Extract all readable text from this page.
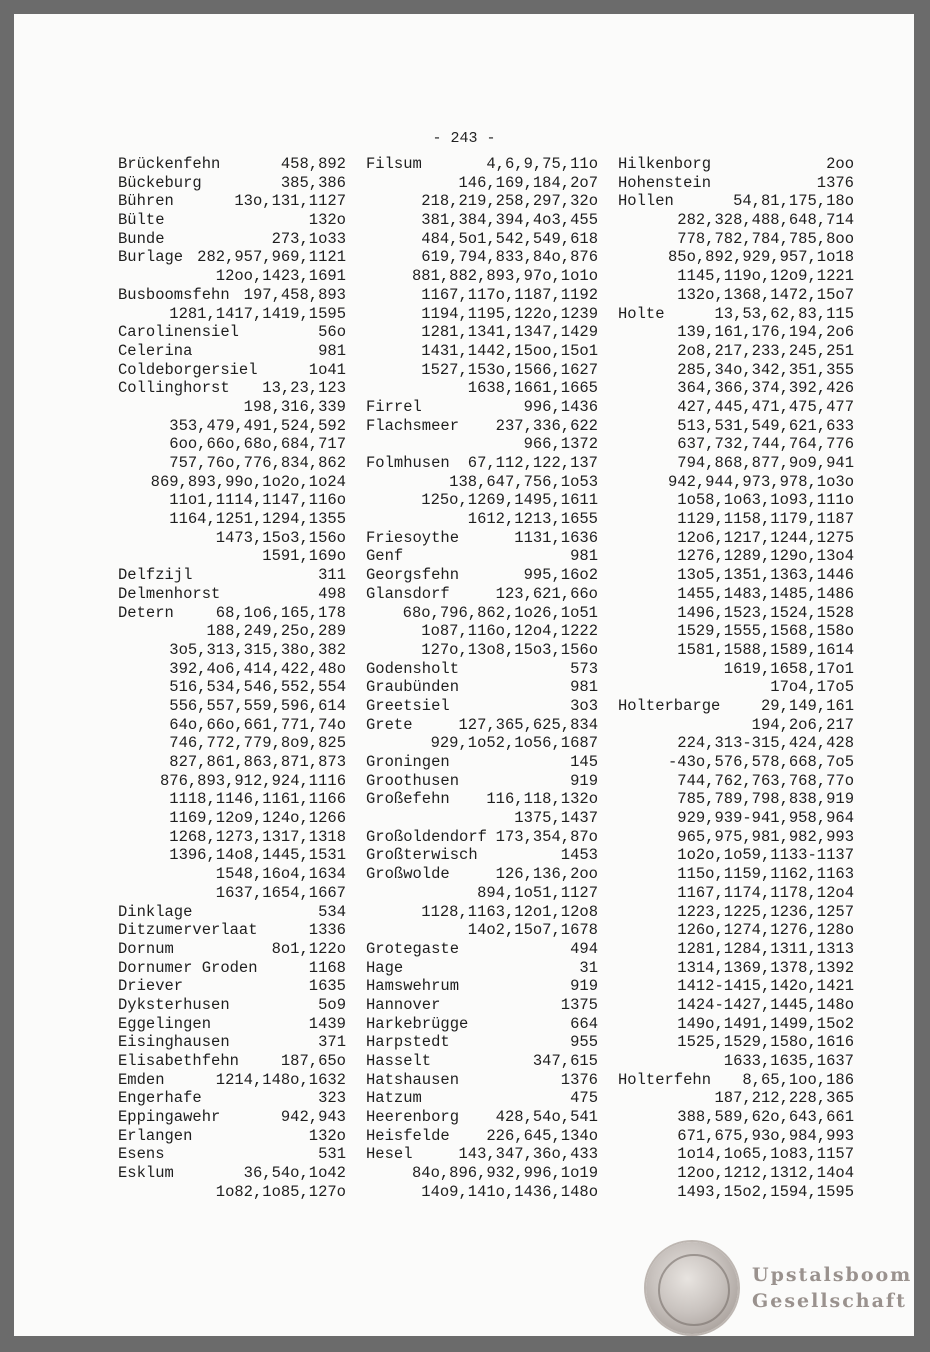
- 243 -
Brückenfehn	458,892
Bückeburg	385,386
Bühren	13o,131,1127
Bülte	132o
Bunde	273,1o33
Burlage 282,957,969,1121
12oo,1423,1691
Busboomsfehn 197,458,893
1281,1417,1419,1595
Carolinensiel	56o
Celerina	981
Coldeborgersiel	1o41
Collinghorst 13,23,123
198,316,339
353,479,491,524,592
6oo,66o,68o,684,717
757,76o,776,834,862
869,893,99o,1o2o,1o24
11o1,1114,1147,116o
1164,1251,1294,1355
1473,15o3,156o
1591,169o
Delfzijl	311
Delmenhorst	498
Detern	68,1o6,165,178
188,249,25o,289
3o5,313,315,38o,382
392,4o6,414,422,48o
516,534,546,552,554
556,557,559,596,614
64o,66o,661,771,74o
746,772,779,8o9,825
827,861,863,871,873
876,893,912,924,1116
1118,1146,1161,1166
1169,12o9,124o,1266
1268,1273,1317,1318
1396,14o8,1445,1531
1548,16o4,1634
1637,1654,1667
Dinklage	534
Ditzumerverlaat	1336
Dornum	8o1,122o
Dornumer Groden	1168
Driever	1635
Dyksterhusen	5o9
Eggelingen	1439
Eisinghausen	371
Elisabethfehn	187,65o
Emden	1214,148o,1632
Engerhafe	323
Eppingawehr	942,943
Erlangen	132o
Esens	531
Esklum	36,54o,1o42
1o82,1o85,127o
Filsum	4,6,9,75,11o
146,169,184,2o7
218,219,258,297,32o
381,384,394,4o3,455
484,5o1,542,549,618
619,794,833,84o,876
881,882,893,97o,1o1o
1167,117o,1187,1192
1194,1195,122o,1239
1281,1341,1347,1429
1431,1442,15oo,15o1
1527,153o,1566,1627
1638,1661,1665
Firrel	996,1436
Flachsmeer 237,336,622
966,1372
Folmhusen 67,112,122,137
138,647,756,1o53
125o,1269,1495,1611
1612,1213,1655
Friesoythe	1131,1636
Genf	981
Georgsfehn	995,16o2
Glansdorf	123,621,66o
68o,796,862,1o26,1o51
1o87,116o,12o4,1222
127o,13o8,15o3,156o
Godensholt	573
Graubünden	981
Greetsiel	3o3
Grete	127,365,625,834
929,1o52,1o56,1687
Groningen	145
Groothusen	919
Großefehn 116,118,132o
1375,1437
Großoldendorf 173,354,87o
Großterwisch	1453
Großwolde	126,136,2oo
894,1o51,1127
1128,1163,12o1,12o8
14o2,15o7,1678
Grotegaste	494
Hage	31
Hamswehrum	919
Hannover	1375
Harkebrügge	664
Harpstedt	955
Hasselt	347,615
Hatshausen	1376
Hatzum	475
Heerenborg 428,54o,541
Heisfelde 226,645,134o
Hesel	143,347,36o,433
84o,896,932,996,1o19
14o9,141o,1436,148o
Hilkenborg	2oo
Hohenstein	1376
Hollen	54,81,175,18o
282,328,488,648,714
778,782,784,785,8oo
85o,892,929,957,1o18
1145,119o,12o9,1221
132o,1368,1472,15o7
Holte	13,53,62,83,115
139,161,176,194,2o6
2o8,217,233,245,251
285,34o,342,351,355
364,366,374,392,426
427,445,471,475,477
513,531,549,621,633
637,732,744,764,776
794,868,877,9o9,941
942,944,973,978,1o3o
1o58,1o63,1o93,111o
1129,1158,1179,1187
12o6,1217,1244,1275
1276,1289,129o,13o4
13o5,1351,1363,1446
1455,1483,1485,1486
1496,1523,1524,1528
1529,1555,1568,158o
1581,1588,1589,1614
1619,1658,17o1
17o4,17o5
Holterbarge	29,149,161
194,2o6,217
224,313-315,424,428
-43o,576,578,668,7o5
744,762,763,768,77o
785,789,798,838,919
929,939-941,958,964
965,975,981,982,993
1o2o,1o59,1133-1137
115o,1159,1162,1163
1167,1174,1178,12o4
1223,1225,1236,1257
126o,1274,1276,128o
1281,1284,1311,1313
1314,1369,1378,1392
1412-1415,142o,1421
1424-1427,1445,148o
149o,1491,1499,15o2
1525,1529,158o,1616
1633,1635,1637
Holterfehn 8,65,1oo,186
187,212,228,365
388,589,62o,643,661
671,675,93o,984,993
1o14,1o65,1o83,1157
12oo,1212,1312,14o4
1493,15o2,1594,1595
Upstalsboom
Gesellschaft
